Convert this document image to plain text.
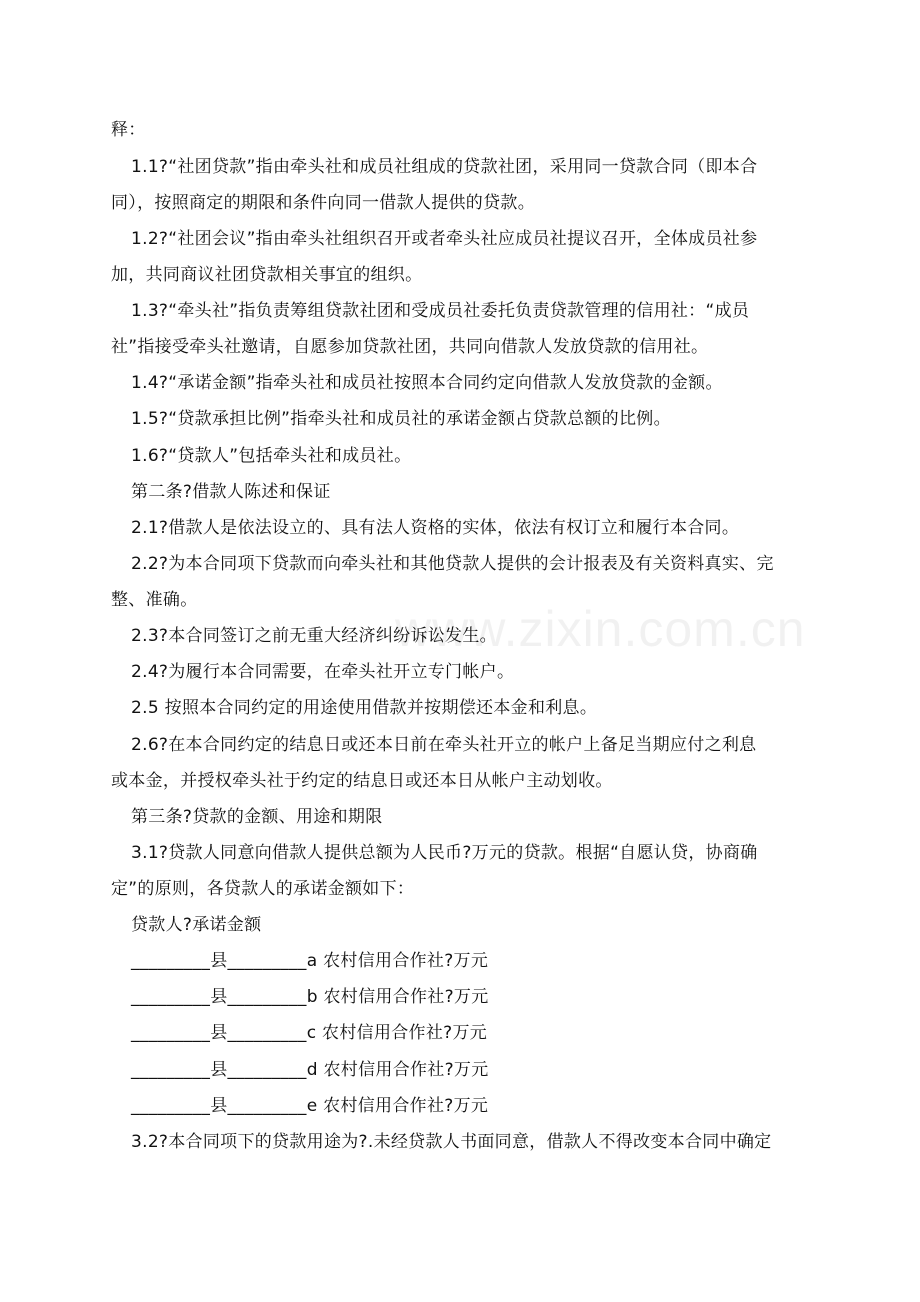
www.zixin.com.cn
释：
1.1?“社团贷款”指由牵头社和成员社组成的贷款社团，采用同一贷款合同（即本合
同），按照商定的期限和条件向同一借款人提供的贷款。
1.2?“社团会议”指由牵头社组织召开或者牵头社应成员社提议召开，全体成员社参
加，共同商议社团贷款相关事宜的组织。
1.3?“牵头社”指负责筹组贷款社团和受成员社委托负责贷款管理的信用社：“成员
社”指接受牵头社邀请，自愿参加贷款社团，共同向借款人发放贷款的信用社。
1.4?“承诺金额”指牵头社和成员社按照本合同约定向借款人发放贷款的金额。
1.5?“贷款承担比例”指牵头社和成员社的承诺金额占贷款总额的比例。
1.6?“贷款人”包括牵头社和成员社。
第二条?借款人陈述和保证
2.1?借款人是依法设立的、具有法人资格的实体，依法有权订立和履行本合同。
2.2?为本合同项下贷款而向牵头社和其他贷款人提供的会计报表及有关资料真实、完
整、准确。
2.3?本合同签订之前无重大经济纠纷诉讼发生。
2.4?为履行本合同需要，在牵头社开立专门帐户。
2.5 按照本合同约定的用途使用借款并按期偿还本金和利息。
2.6?在本合同约定的结息日或还本日前在牵头社开立的帐户上备足当期应付之利息
或本金，并授权牵头社于约定的结息日或还本日从帐户主动划收。
第三条?贷款的金额、用途和期限
3.1?贷款人同意向借款人提供总额为人民币?万元的贷款。根据“自愿认贷，协商确
定”的原则，各贷款人的承诺金额如下：
贷款人?承诺金额
_________县_________a 农村信用合作社?万元
_________县_________b 农村信用合作社?万元
_________县_________c 农村信用合作社?万元
_________县_________d 农村信用合作社?万元
_________县_________e 农村信用合作社?万元
3.2?本合同项下的贷款用途为?.未经贷款人书面同意，借款人不得改变本合同中确定
